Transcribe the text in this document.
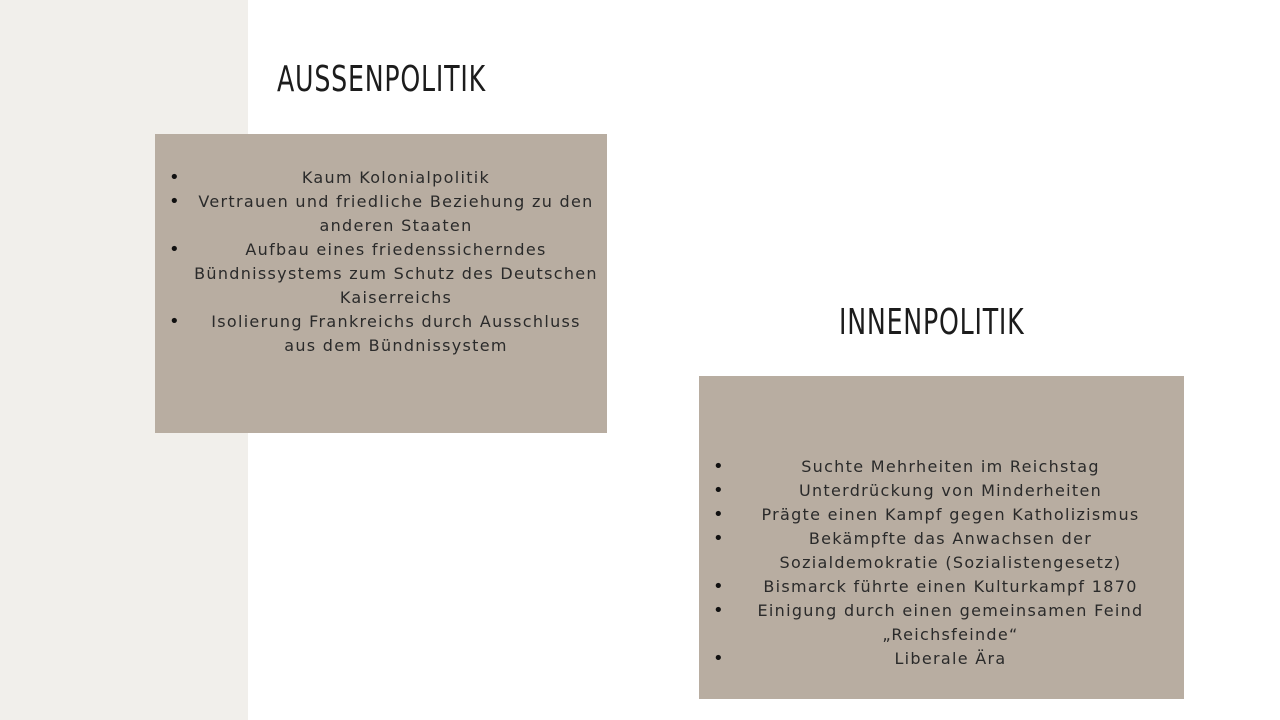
AUSSENPOLITIK
•	Kaum Kolonialpolitik
• Vertrauen und friedliche Beziehung zu den anderen Staaten
•	Aufbau eines friedenssicherndes Bündnissystems zum Schutz des Deutschen Kaiserreichs
• Isolierung Frankreichs durch Ausschluss aus dem Bündnissystem
INNENPOLITIK
•	Suchte Mehrheiten im Reichstag
•	Unterdrückung von Minderheiten
• Prägte einen Kampf gegen Katholizismus
•	Bekämpfte das Anwachsen der Sozialdemokratie (Sozialistengesetz)
• Bismarck führte einen Kulturkampf 1870
• Einigung durch einen gemeinsamen Feind „Reichsfeinde“
•	Liberale Ära
